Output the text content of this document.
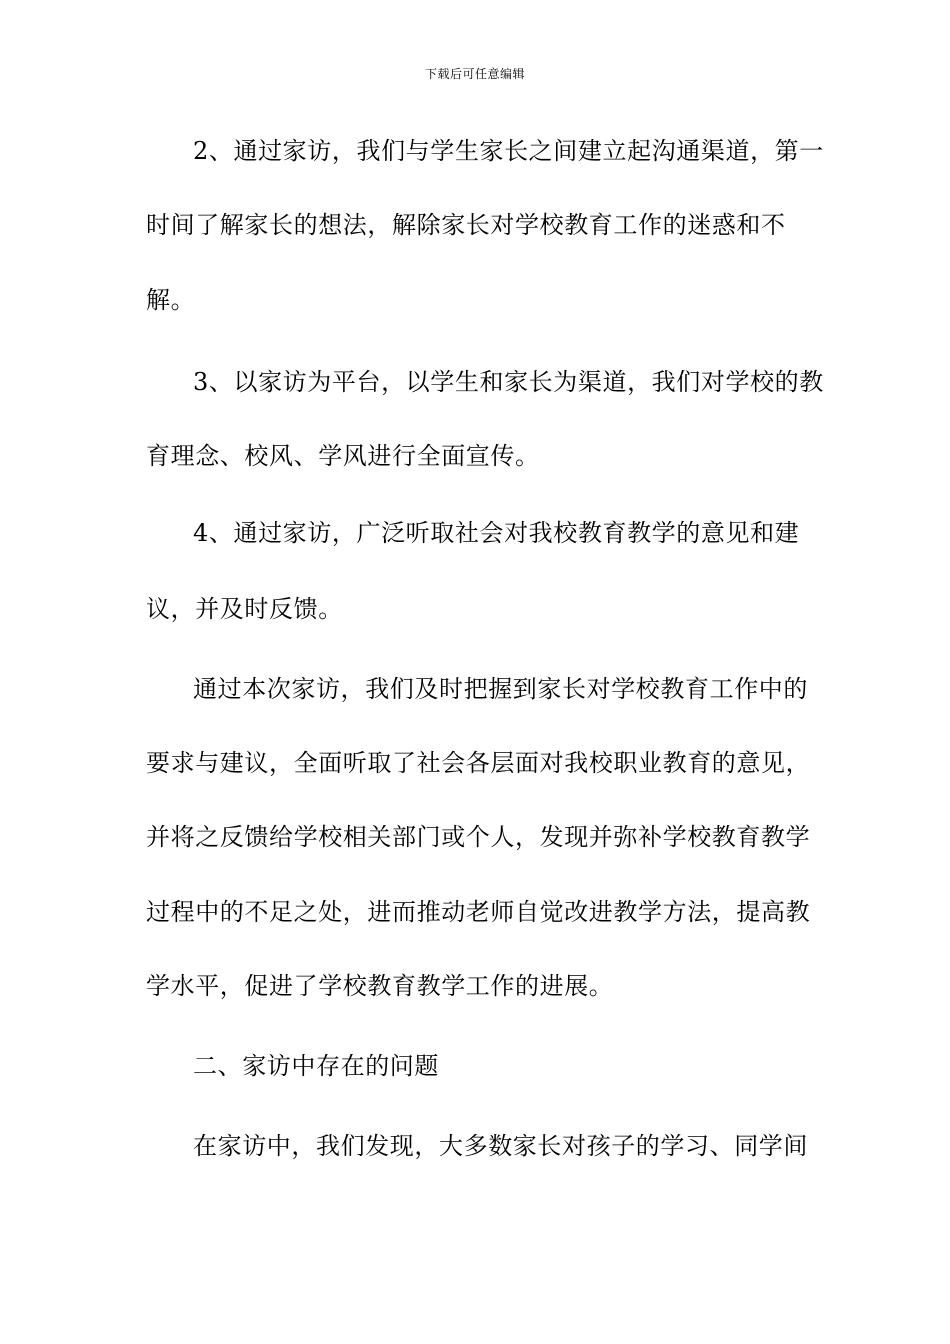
下载后可任意编辑
2、通过家访，我们与学生家长之间建立起沟通渠道，第一
时间了解家长的想法，解除家长对学校教育工作的迷惑和不
解。
3、以家访为平台，以学生和家长为渠道，我们对学校的教
育理念、校风、学风进行全面宣传。
4、通过家访，广泛听取社会对我校教育教学的意见和建
议，并及时反馈。
通过本次家访，我们及时把握到家长对学校教育工作中的
要求与建议，全面听取了社会各层面对我校职业教育的意见，
并将之反馈给学校相关部门或个人，发现并弥补学校教育教学
过程中的不足之处，进而推动老师自觉改进教学方法，提高教
学水平，促进了学校教育教学工作的进展。
二、家访中存在的问题
在家访中，我们发现，大多数家长对孩子的学习、同学间
